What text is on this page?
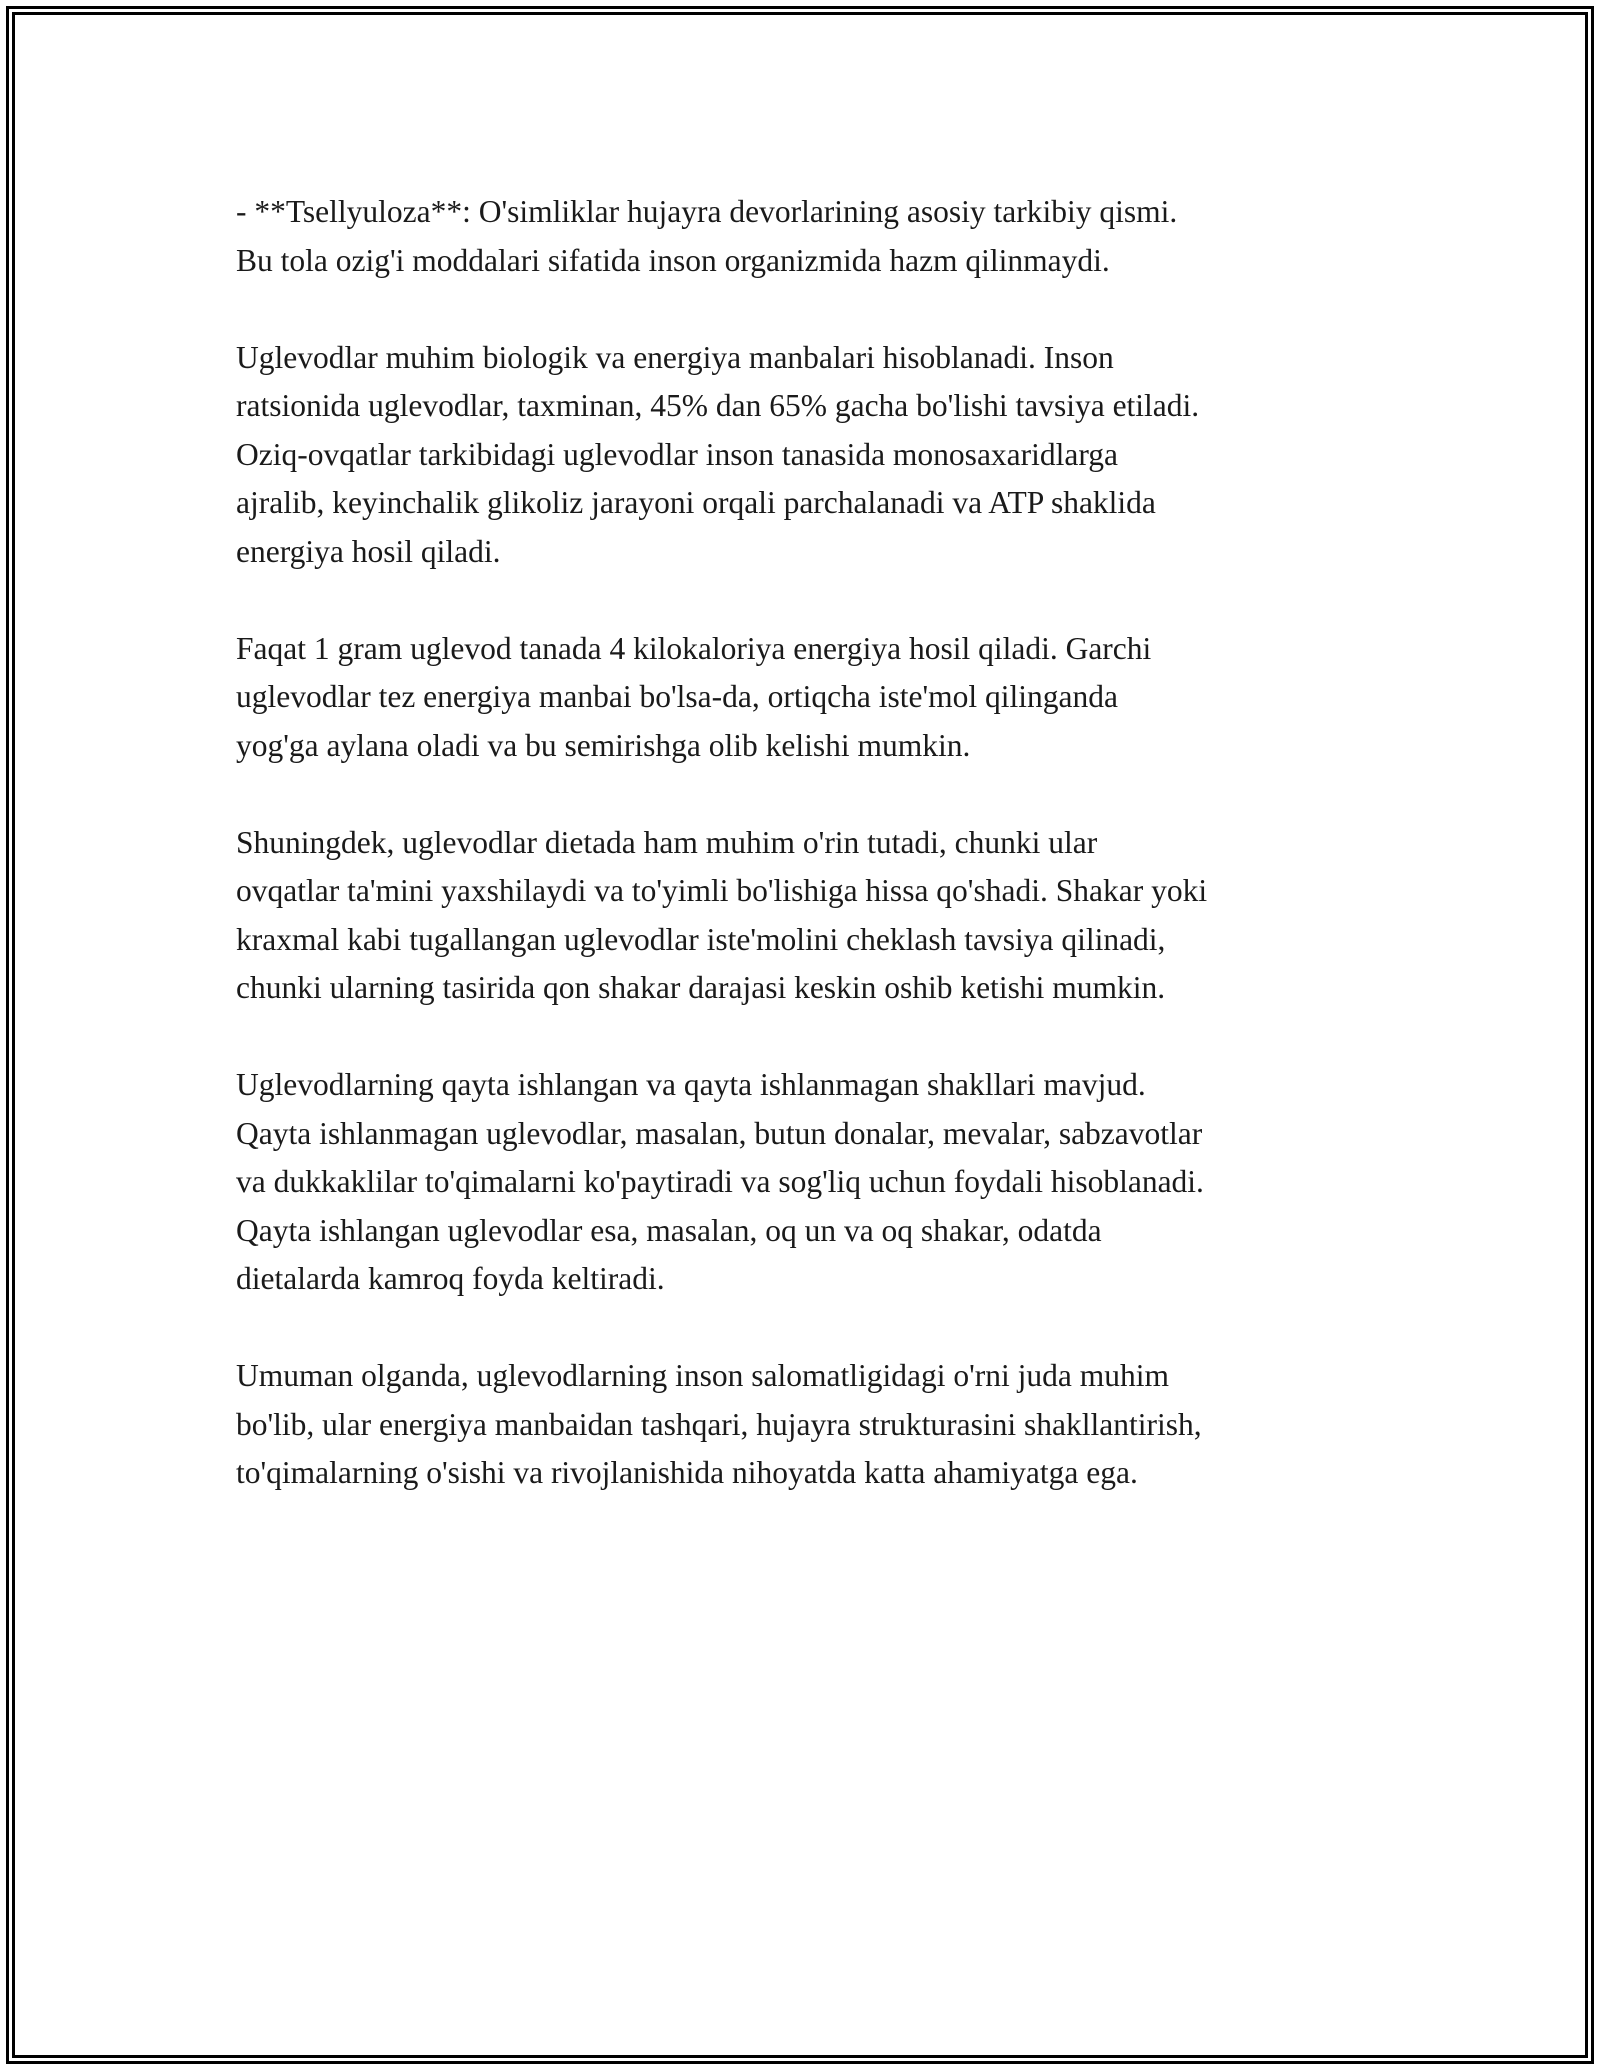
- **Tsellyuloza**: O'simliklar hujayra devorlarining asosiy tarkibiy qismi.
Bu tola ozig'i moddalari sifatida inson organizmida hazm qilinmaydi.

Uglevodlar muhim biologik va energiya manbalari hisoblanadi. Inson
ratsionida uglevodlar, taxminan, 45% dan 65% gacha bo'lishi tavsiya etiladi.
Oziq-ovqatlar tarkibidagi uglevodlar inson tanasida monosaxaridlarga
ajralib, keyinchalik glikoliz jarayoni orqali parchalanadi va ATP shaklida
energiya hosil qiladi.

Faqat 1 gram uglevod tanada 4 kilokaloriya energiya hosil qiladi. Garchi
uglevodlar tez energiya manbai bo'lsa-da, ortiqcha iste'mol qilinganda
yog'ga aylana oladi va bu semirishga olib kelishi mumkin.

Shuningdek, uglevodlar dietada ham muhim o'rin tutadi, chunki ular
ovqatlar ta'mini yaxshilaydi va to'yimli bo'lishiga hissa qo'shadi. Shakar yoki
kraxmal kabi tugallangan uglevodlar iste'molini cheklash tavsiya qilinadi,
chunki ularning tasirida qon shakar darajasi keskin oshib ketishi mumkin.

Uglevodlarning qayta ishlangan va qayta ishlanmagan shakllari mavjud.
Qayta ishlanmagan uglevodlar, masalan, butun donalar, mevalar, sabzavotlar
va dukkaklilar to'qimalarni ko'paytiradi va sog'liq uchun foydali hisoblanadi.
Qayta ishlangan uglevodlar esa, masalan, oq un va oq shakar, odatda
dietalarda kamroq foyda keltiradi.

Umuman olganda, uglevodlarning inson salomatligidagi o'rni juda muhim
bo'lib, ular energiya manbaidan tashqari, hujayra strukturasini shakllantirish,
to'qimalarning o'sishi va rivojlanishida nihoyatda katta ahamiyatga ega.
